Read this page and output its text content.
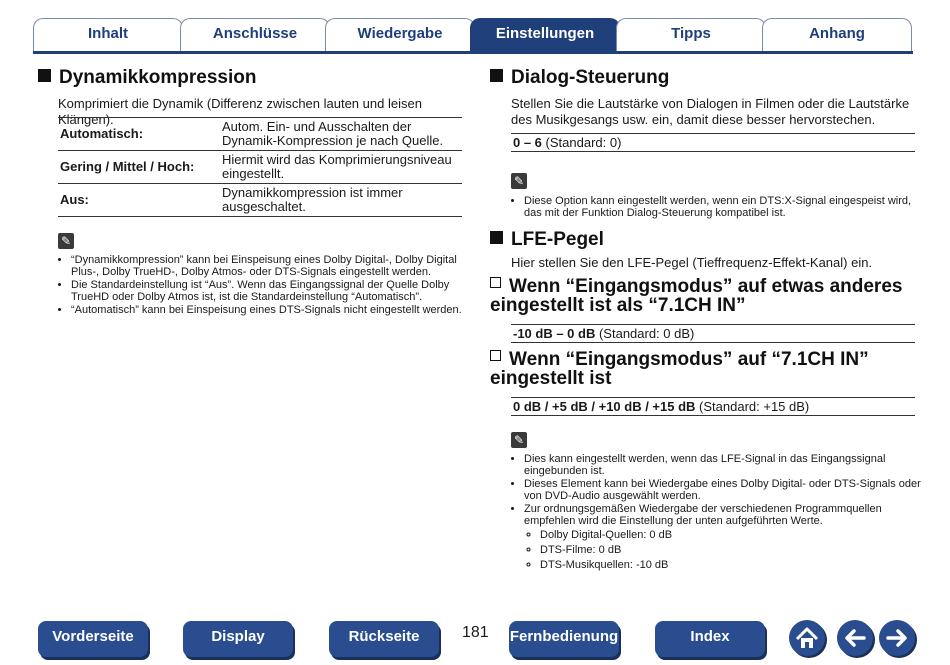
Inhalt	Anschlüsse	Wiedergabe	Einstellungen	Tipps	Anhang
Dynamikkompression
Komprimiert die Dynamik (Differenz zwischen lauten und leisen Klängen).
Automatisch:	Autom. Ein- und Ausschalten der Dynamik-Kompression je nach Quelle.
Gering / Mittel / Hoch:	Hiermit wird das Komprimierungsniveau eingestellt.
Aus:	Dynamikkompression ist immer ausgeschaltet.
✎
• “Dynamikkompression” kann bei Einspeisung eines Dolby Digital-, Dolby Digital Plus-, Dolby TrueHD-, Dolby Atmos- oder DTS-Signals eingestellt werden.
• Die Standardeinstellung ist “Aus”. Wenn das Eingangssignal der Quelle Dolby TrueHD oder Dolby Atmos ist, ist die Standardeinstellung “Automatisch”.
• “Automatisch” kann bei Einspeisung eines DTS-Signals nicht eingestellt werden.
Dialog-Steuerung
Stellen Sie die Lautstärke von Dialogen in Filmen oder die Lautstärke des Musikgesangs usw. ein, damit diese besser hervorstechen.
0 – 6 (Standard: 0)
✎
• Diese Option kann eingestellt werden, wenn ein DTS:X-Signal eingespeist wird, das mit der Funktion Dialog-Steuerung kompatibel ist.
LFE-Pegel
Hier stellen Sie den LFE-Pegel (Tieffrequenz-Effekt-Kanal) ein.
Wenn “Eingangsmodus” auf etwas anderes eingestellt ist als “7.1CH IN”
-10 dB – 0 dB (Standard: 0 dB)
Wenn “Eingangsmodus” auf “7.1CH IN” eingestellt ist
0 dB / +5 dB / +10 dB / +15 dB (Standard: +15 dB)
✎
• Dies kann eingestellt werden, wenn das LFE-Signal in das Eingangssignal eingebunden ist.
• Dieses Element kann bei Wiedergabe eines Dolby Digital- oder DTS-Signals oder von DVD-Audio ausgewählt werden.
• Zur ordnungsgemäßen Wiedergabe der verschiedenen Programmquellen empfehlen wird die Einstellung der unten aufgeführten Werte.
◦ Dolby Digital-Quellen: 0 dB
◦ DTS-Filme: 0 dB
◦ DTS-Musikquellen: -10 dB
Vorderseite	Display	Rückseite	181 Fernbedienung	Index
